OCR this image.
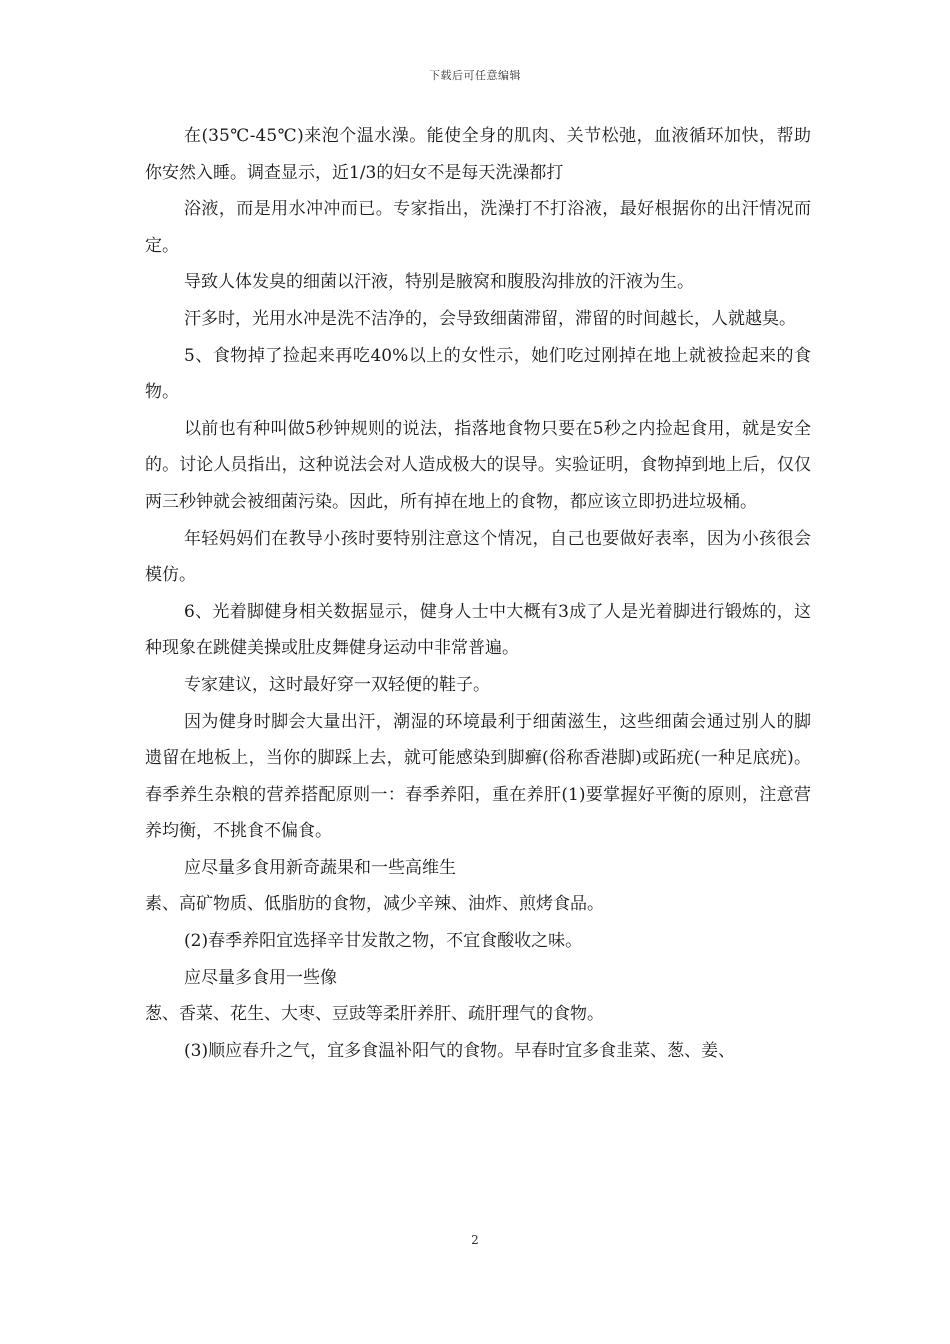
下载后可任意编辑

在(35℃-45℃)来泡个温水澡。能使全身的肌肉、关节松弛，血液循环加快，帮助你安然入睡。调查显示，近1/3的妇女不是每天洗澡都打

浴液，而是用水冲冲而已。专家指出，洗澡打不打浴液，最好根据你的出汗情况而定。

导致人体发臭的细菌以汗液，特别是腋窝和腹股沟排放的汗液为生。

汗多时，光用水冲是洗不洁净的，会导致细菌滞留，滞留的时间越长，人就越臭。

5、食物掉了捡起来再吃40%以上的女性示，她们吃过刚掉在地上就被捡起来的食物。

以前也有种叫做5秒钟规则的说法，指落地食物只要在5秒之内捡起食用，就是安全的。讨论人员指出，这种说法会对人造成极大的误导。实验证明，食物掉到地上后，仅仅两三秒钟就会被细菌污染。因此，所有掉在地上的食物，都应该立即扔进垃圾桶。

年轻妈妈们在教导小孩时要特别注意这个情况，自己也要做好表率，因为小孩很会模仿。

6、光着脚健身相关数据显示，健身人士中大概有3成了人是光着脚进行锻炼的，这种现象在跳健美操或肚皮舞健身运动中非常普遍。

专家建议，这时最好穿一双轻便的鞋子。

因为健身时脚会大量出汗，潮湿的环境最利于细菌滋生，这些细菌会通过别人的脚遗留在地板上，当你的脚踩上去，就可能感染到脚癣(俗称香港脚)或跖疣(一种足底疣)。春季养生杂粮的营养搭配原则一：春季养阳，重在养肝(1)要掌握好平衡的原则，注意营养均衡，不挑食不偏食。

应尽量多食用新奇蔬果和一些高维生

素、高矿物质、低脂肪的食物，减少辛辣、油炸、煎烤食品。

(2)春季养阳宜选择辛甘发散之物，不宜食酸收之味。

应尽量多食用一些像

葱、香菜、花生、大枣、豆豉等柔肝养肝、疏肝理气的食物。

(3)顺应春升之气，宜多食温补阳气的食物。早春时宜多食韭菜、葱、姜、

2
